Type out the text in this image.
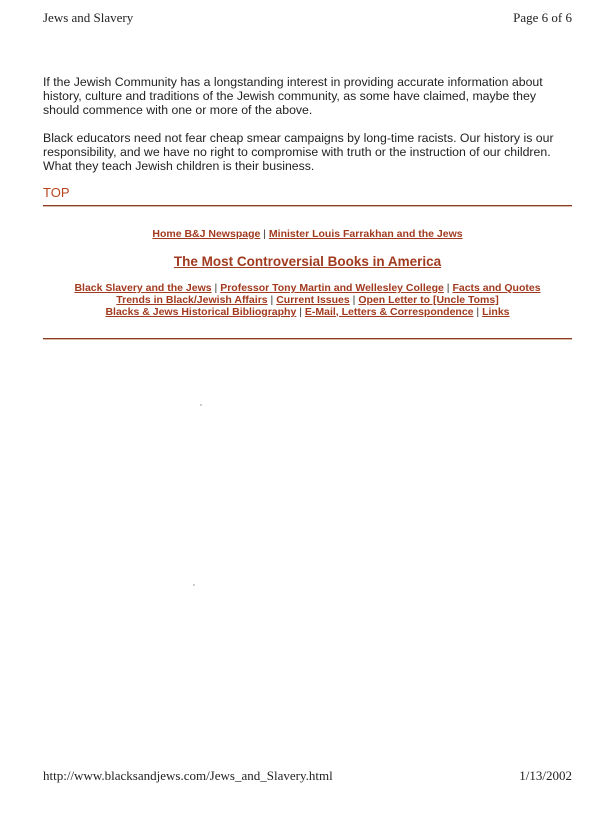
Jews and Slavery	Page 6 of 6

If the Jewish Community has a longstanding interest in providing accurate information about history, culture and traditions of the Jewish community, as some have claimed, maybe they should commence with one or more of the above.

Black educators need not fear cheap smear campaigns by long-time racists. Our history is our responsibility, and we have no right to compromise with truth or the instruction of our children. What they teach Jewish children is their business.

TOP
Home B&J Newspage | Minister Louis Farrakhan and the Jews
The Most Controversial Books in America
Black Slavery and the Jews | Professor Tony Martin and Wellesley College | Facts and Quotes
Trends in Black/Jewish Affairs | Current Issues | Open Letter to [Uncle Toms]
Blacks & Jews Historical Bibliography | E-Mail, Letters & Correspondence | Links
http://www.blacksandjews.com/Jews_and_Slavery.html	1/13/2002
